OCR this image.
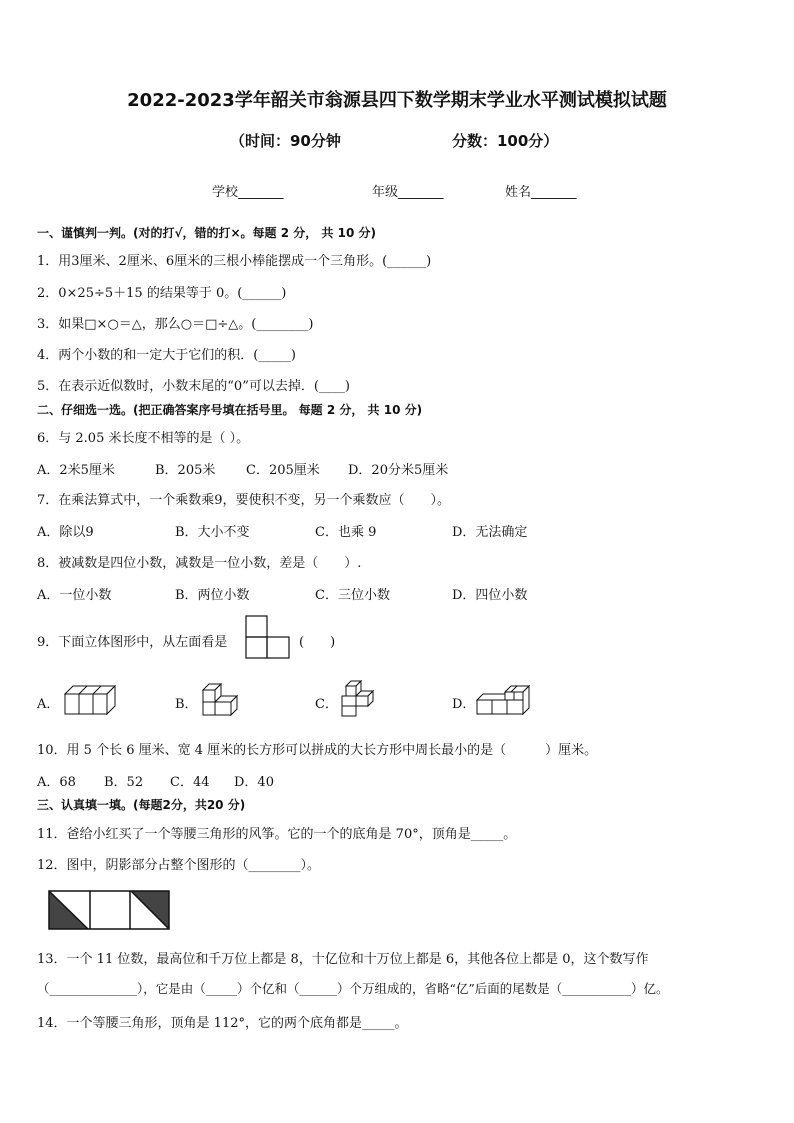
2022-2023学年韶关市翁源县四下数学期末学业水平测试模拟试题
（时间：90分钟	分数：100分）
学校_______	年级_______	姓名_______
一、谨慎判一判。(对的打√，错的打×。每题 2 分， 共 10 分)
1．用3厘米、2厘米、6厘米的三根小棒能摆成一个三角形。(______)
2．0×25÷5＋15 的结果等于 0。(______)
3．如果□×○＝△，那么○＝□÷△。(________)
4．两个小数的和一定大于它们的积．(_____)
5．在表示近似数时，小数末尾的“0”可以去掉．(____)
二、仔细选一选。(把正确答案序号填在括号里。 每题 2 分， 共 10 分)
6．与 2.05 米长度不相等的是（ ）。
A．2米5厘米	B．205米 C．205厘米 D．20分米5厘米
7．在乘法算式中，一个乘数乘9，要使积不变，另一个乘数应（　　）。
A．除以9	B．大小不变	C．也乘 9	D．无法确定
8．被减数是四位小数，减数是一位小数，差是（　　）.
A．一位小数	B．两位小数	C．三位小数	D．四位小数
9．下面立体图形中，从左面看是	(　　)
A．	B．	C．	D．
10．用 5 个长 6 厘米、宽 4 厘米的长方形可以拼成的大长方形中周长最小的是（　　　）厘米。
A．68 B．52 C．44 D．40
三、认真填一填。(每题2分，共20 分)
11．爸给小红买了一个等腰三角形的风筝。它的一个的底角是 70°，顶角是_____。
12．图中，阴影部分占整个图形的（________）。
13．一个 11 位数，最高位和千万位上都是 8，十亿位和十万位上都是 6，其他各位上都是 0，这个数写作
（______________），它是由（_____）个亿和（______）个万组成的，省略“亿”后面的尾数是（___________）亿。
14．一个等腰三角形，顶角是 112°，它的两个底角都是_____。
